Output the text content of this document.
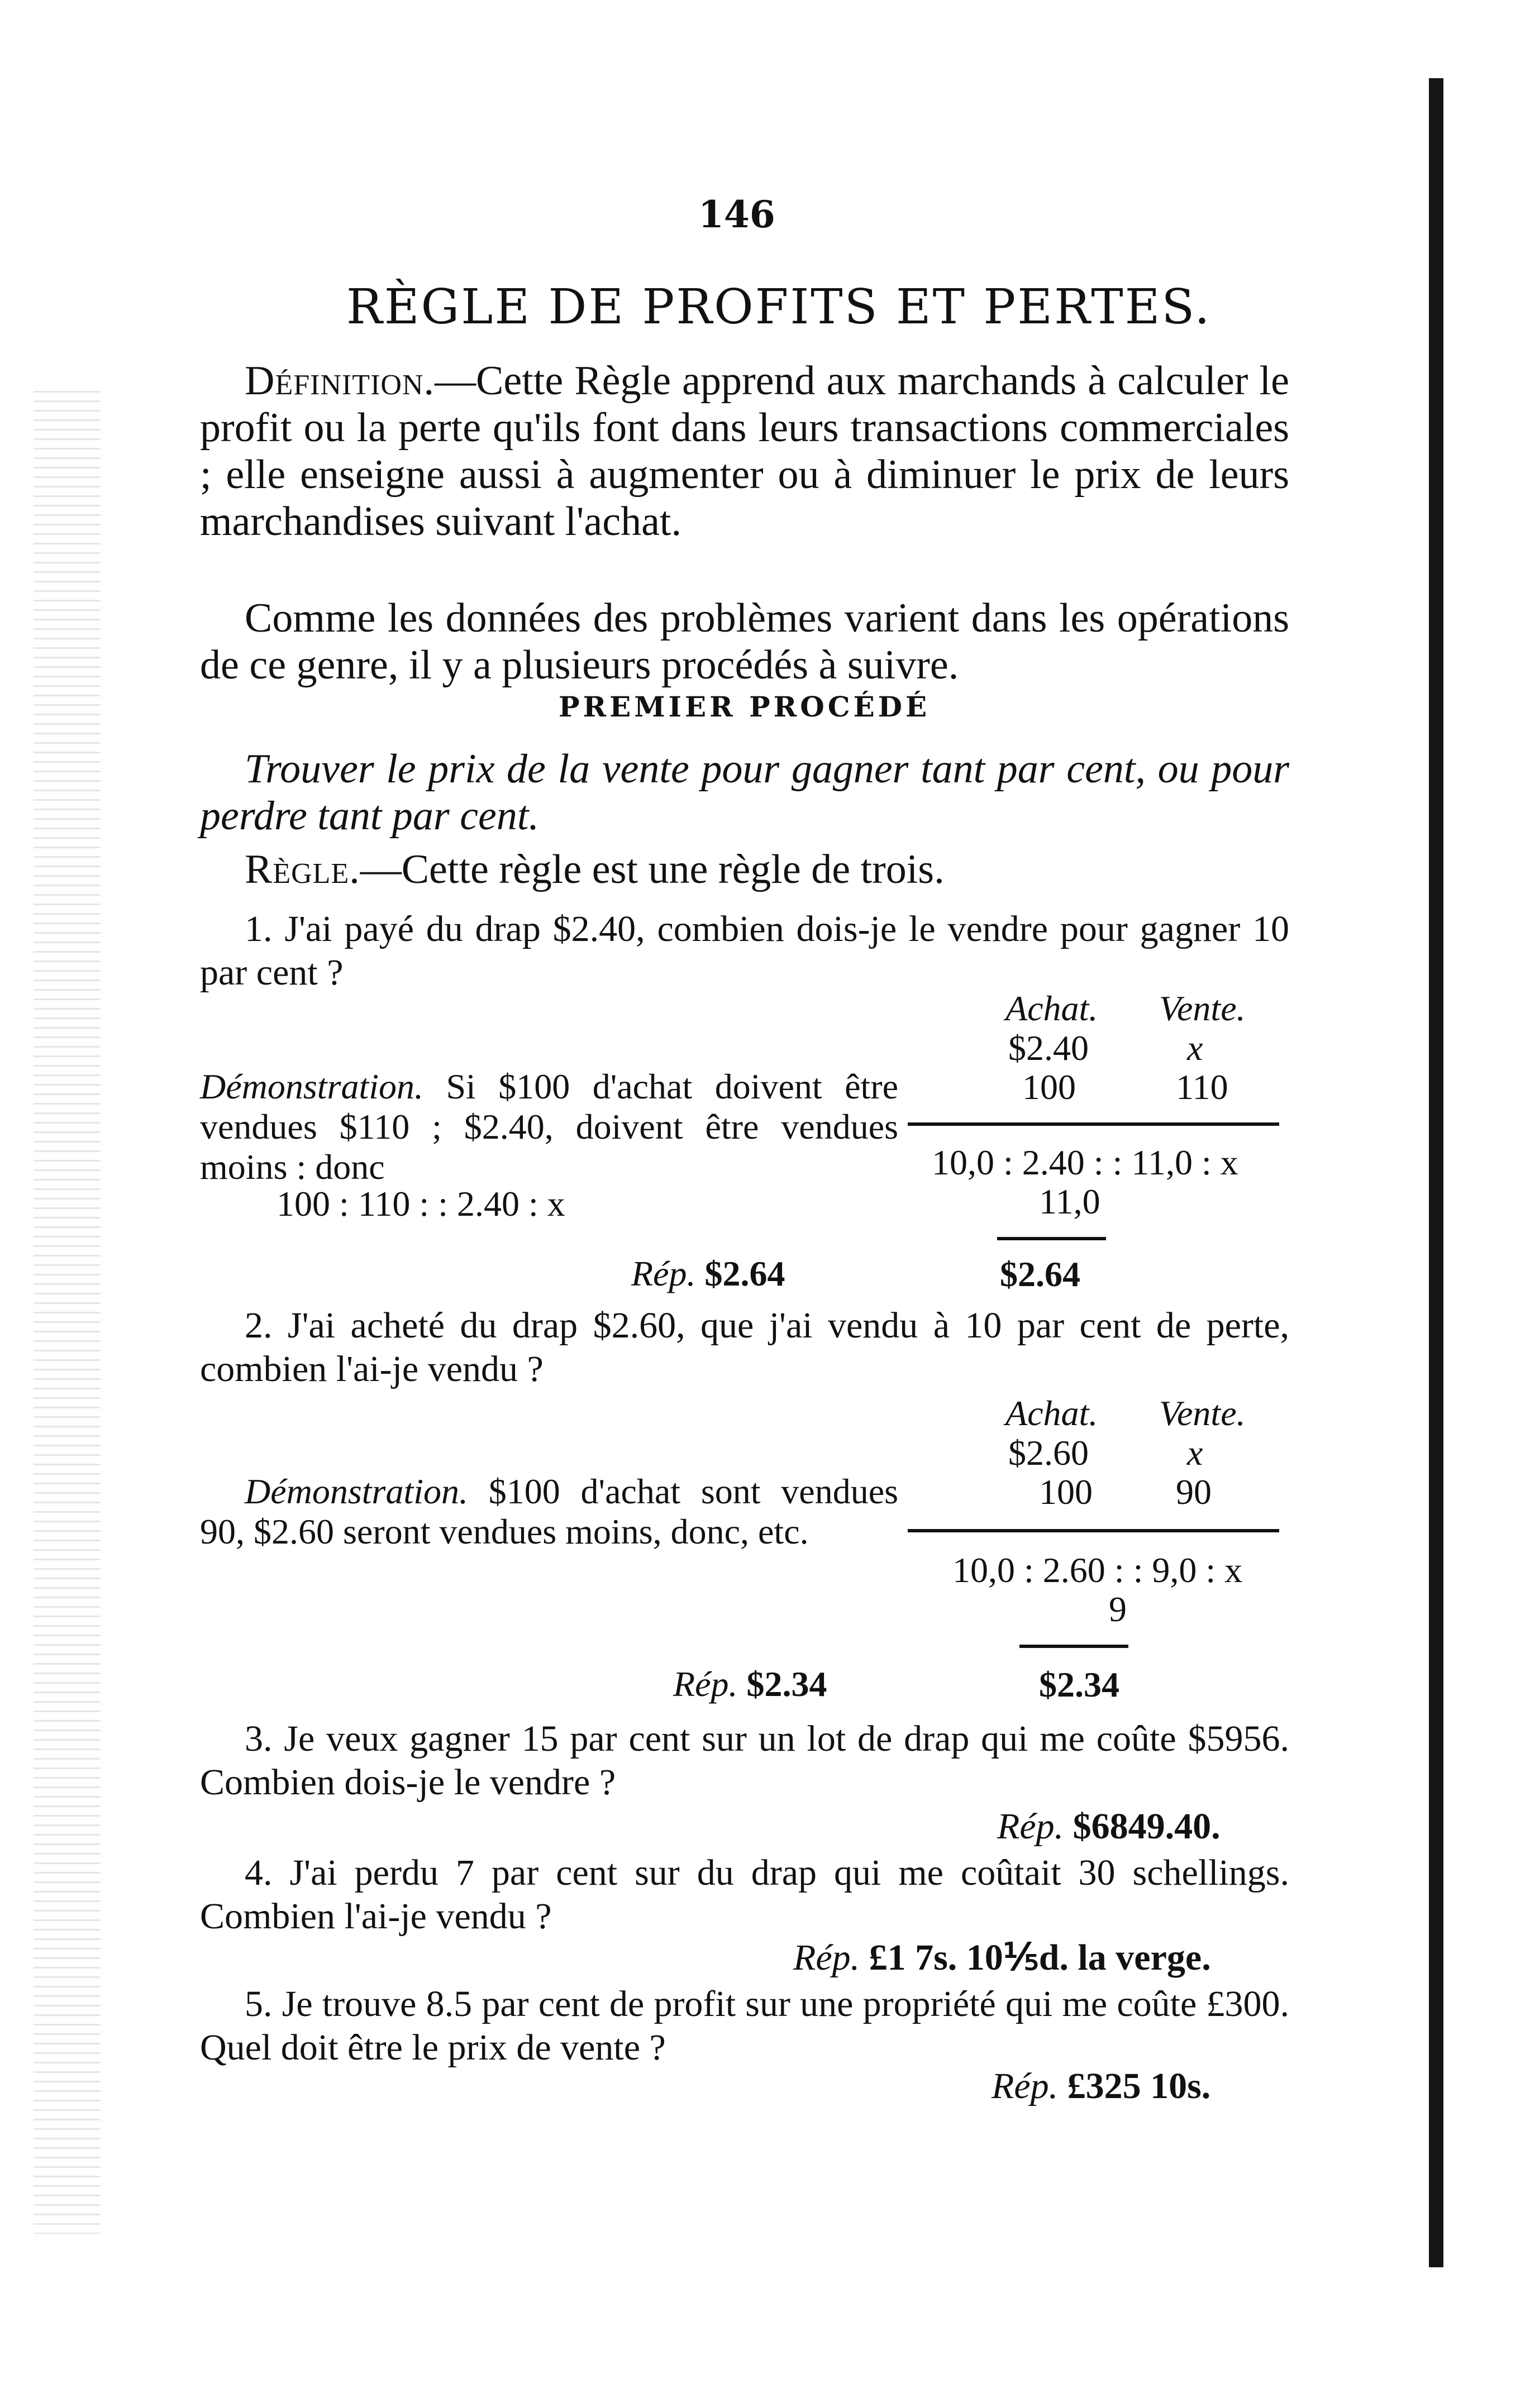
146
RÈGLE DE PROFITS ET PERTES.
Définition.—Cette Règle apprend aux marchands à calculer le profit ou la perte qu'ils font dans leurs transactions commerciales ; elle enseigne aussi à augmenter ou à diminuer le prix de leurs marchandises suivant l'achat.
Comme les données des problèmes varient dans les opérations de ce genre, il y a plusieurs procédés à suivre.
PREMIER PROCÉDÉ
Trouver le prix de la vente pour gagner tant par cent, ou pour perdre tant par cent.
Règle.—Cette règle est une règle de trois.
1. J'ai payé du drap $2.40, combien dois-je le vendre pour gagner 10 par cent ?
Achat. Vente.
$2.40	x
100	110
10,0 : 2.40 : : 11,0 : x
11,0
$2.64
Démonstration. Si $100 d'achat doivent être vendues $110 ; $2.40, doivent être vendues moins : donc
100 : 110 : : 2.40 : x
Rép. $2.64
2. J'ai acheté du drap $2.60, que j'ai vendu à 10 par cent de perte, combien l'ai-je vendu ?
Achat. Vente.
$2.60	x
100 90
10,0 : 2.60 : : 9,0 : x
9
$2.34
Démonstration. $100 d'achat sont vendues 90, $2.60 seront vendues moins, donc, etc.
Rép. $2.34
3. Je veux gagner 15 par cent sur un lot de drap qui me coûte $5956. Combien dois-je le vendre ?
Rép. $6849.40.
4. J'ai perdu 7 par cent sur du drap qui me coûtait 30 schellings. Combien l'ai-je vendu ?
Rép. £1 7s. 10⅕d. la verge.
5. Je trouve 8.5 par cent de profit sur une propriété qui me coûte £300. Quel doit être le prix de vente ?
Rép. £325 10s.
